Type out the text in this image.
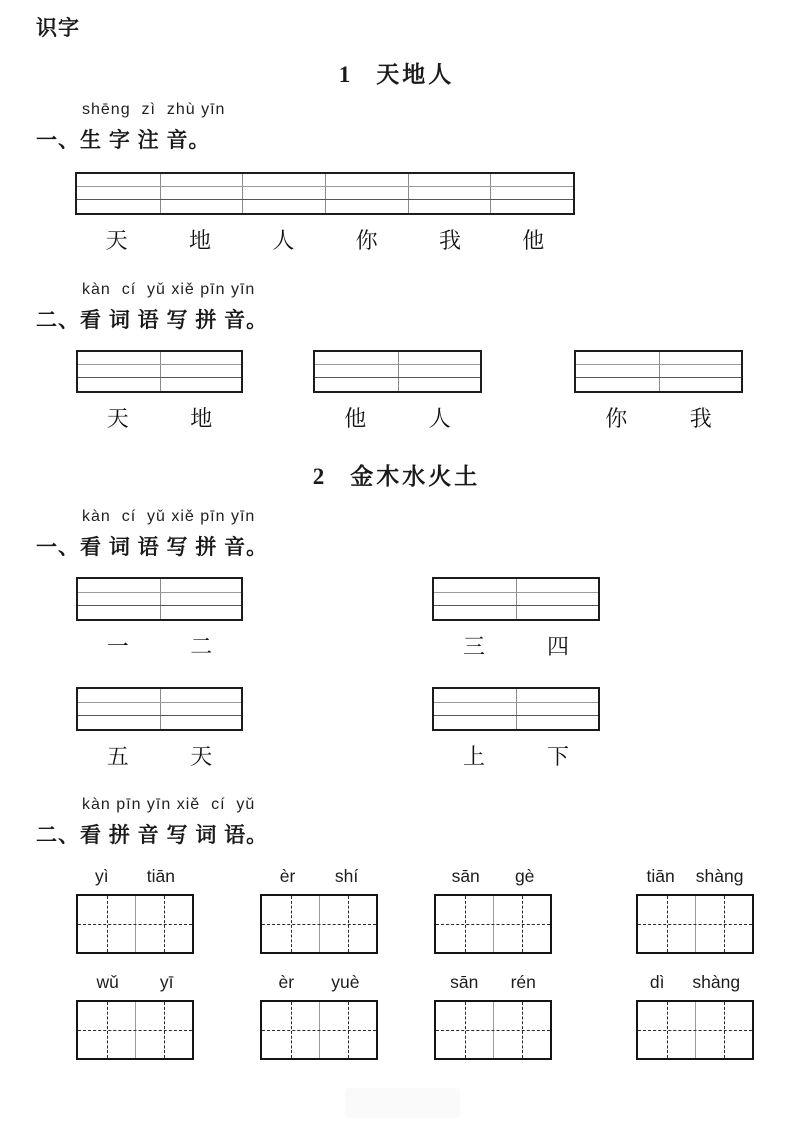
识字
1 天地人
shēng  zì  zhù yīn
一、生 字 注 音。
天	地	人	你	我	他
kàn  cí  yǔ xiě pīn yīn
二、看 词 语 写 拼 音。
天	地	他	人	你	我
2 金木水火土
kàn  cí  yǔ xiě pīn yīn
一、看 词 语 写 拼 音。
一	二	三	四
五	天	上	下
kàn pīn yīn xiě  cí  yǔ
二、看 拼 音 写 词 语。
yì tiān	èr shí	sān gè	tiān shàng
wǔ yī	èr yuè	sān rén	dì shàng
